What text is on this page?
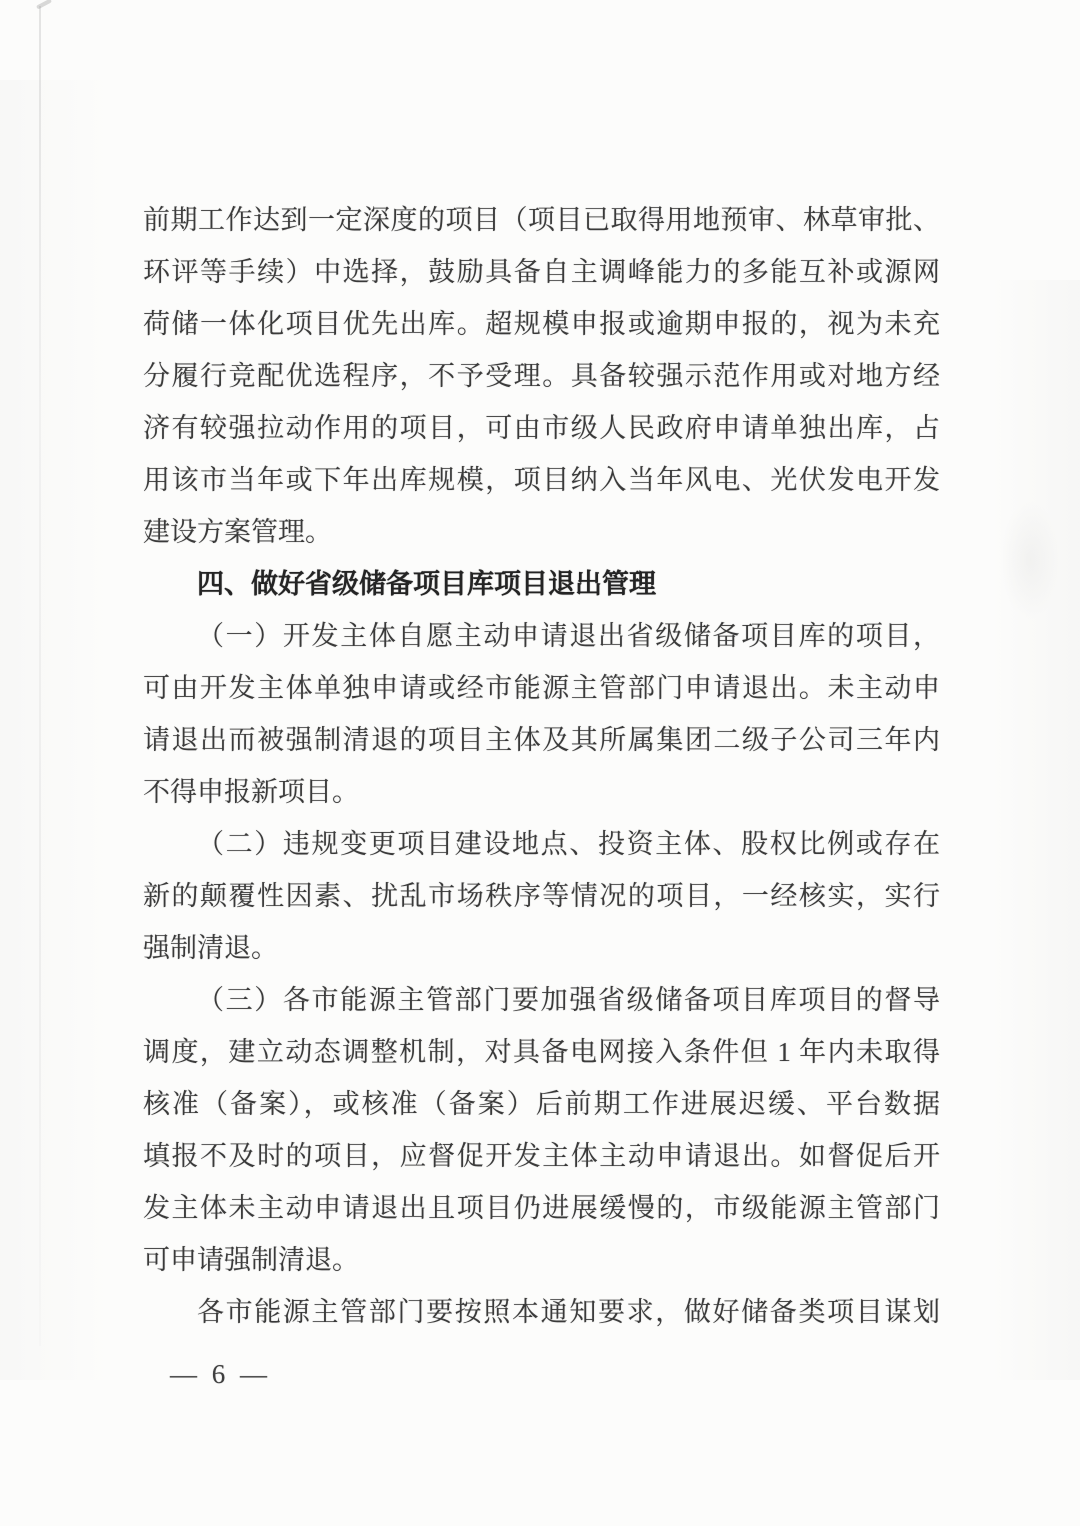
前期工作达到一定深度的项目（项目已取得用地预审、林草审批、
环评等手续）中选择，鼓励具备自主调峰能力的多能互补或源网
荷储一体化项目优先出库。超规模申报或逾期申报的，视为未充
分履行竞配优选程序，不予受理。具备较强示范作用或对地方经
济有较强拉动作用的项目，可由市级人民政府申请单独出库，占
用该市当年或下年出库规模，项目纳入当年风电、光伏发电开发
建设方案管理。
四、做好省级储备项目库项目退出管理
（一）开发主体自愿主动申请退出省级储备项目库的项目，
可由开发主体单独申请或经市能源主管部门申请退出。未主动申
请退出而被强制清退的项目主体及其所属集团二级子公司三年内
不得申报新项目。
（二）违规变更项目建设地点、投资主体、股权比例或存在
新的颠覆性因素、扰乱市场秩序等情况的项目，一经核实，实行
强制清退。
（三）各市能源主管部门要加强省级储备项目库项目的督导
调度，建立动态调整机制，对具备电网接入条件但 1 年内未取得
核准（备案），或核准（备案）后前期工作进展迟缓、平台数据
填报不及时的项目，应督促开发主体主动申请退出。如督促后开
发主体未主动申请退出且项目仍进展缓慢的，市级能源主管部门
可申请强制清退。
各市能源主管部门要按照本通知要求，做好储备类项目谋划
— 6 —
